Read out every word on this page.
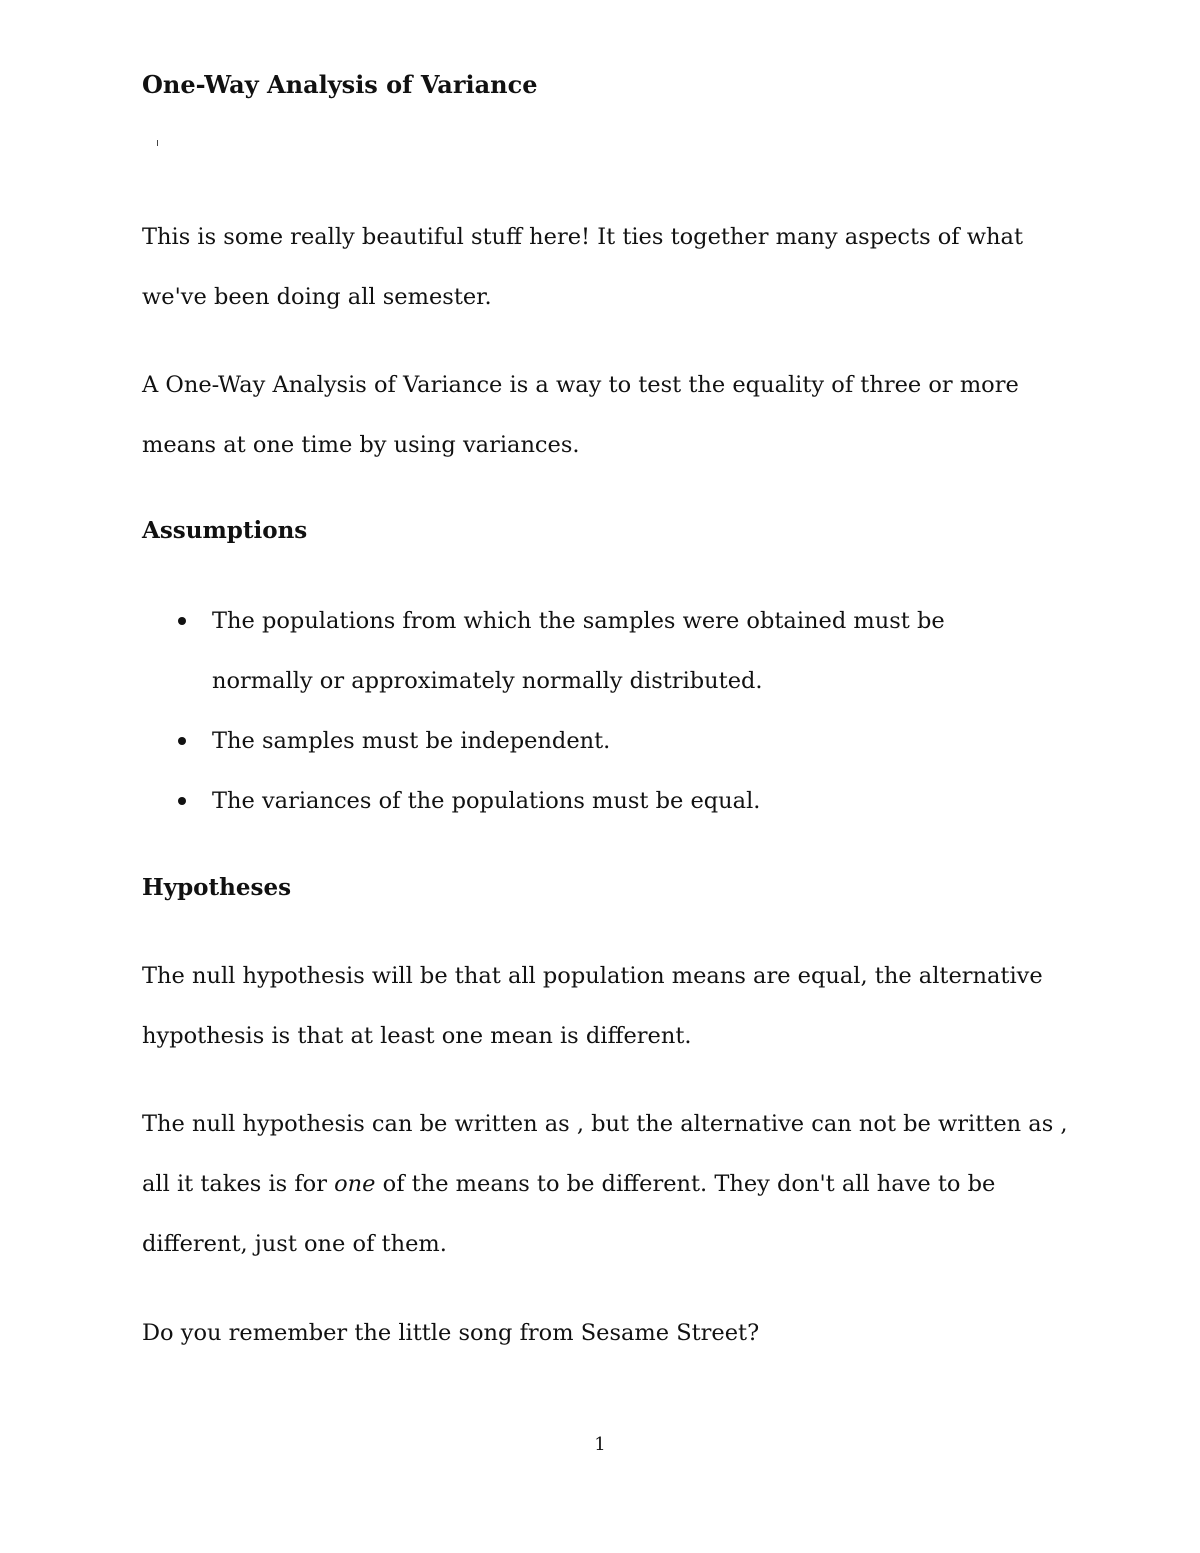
One-Way Analysis of Variance

This is some really beautiful stuff here! It ties together many aspects of what we've been doing all semester.

A One-Way Analysis of Variance is a way to test the equality of three or more means at one time by using variances.

Assumptions
The populations from which the samples were obtained must be normally or approximately normally distributed.
The samples must be independent.
The variances of the populations must be equal.
Hypotheses

The null hypothesis will be that all population means are equal, the alternative hypothesis is that at least one mean is different.

The null hypothesis can be written as , but the alternative can not be written as , all it takes is for one of the means to be different. They don't all have to be different, just one of them.

Do you remember the little song from Sesame Street?

1
